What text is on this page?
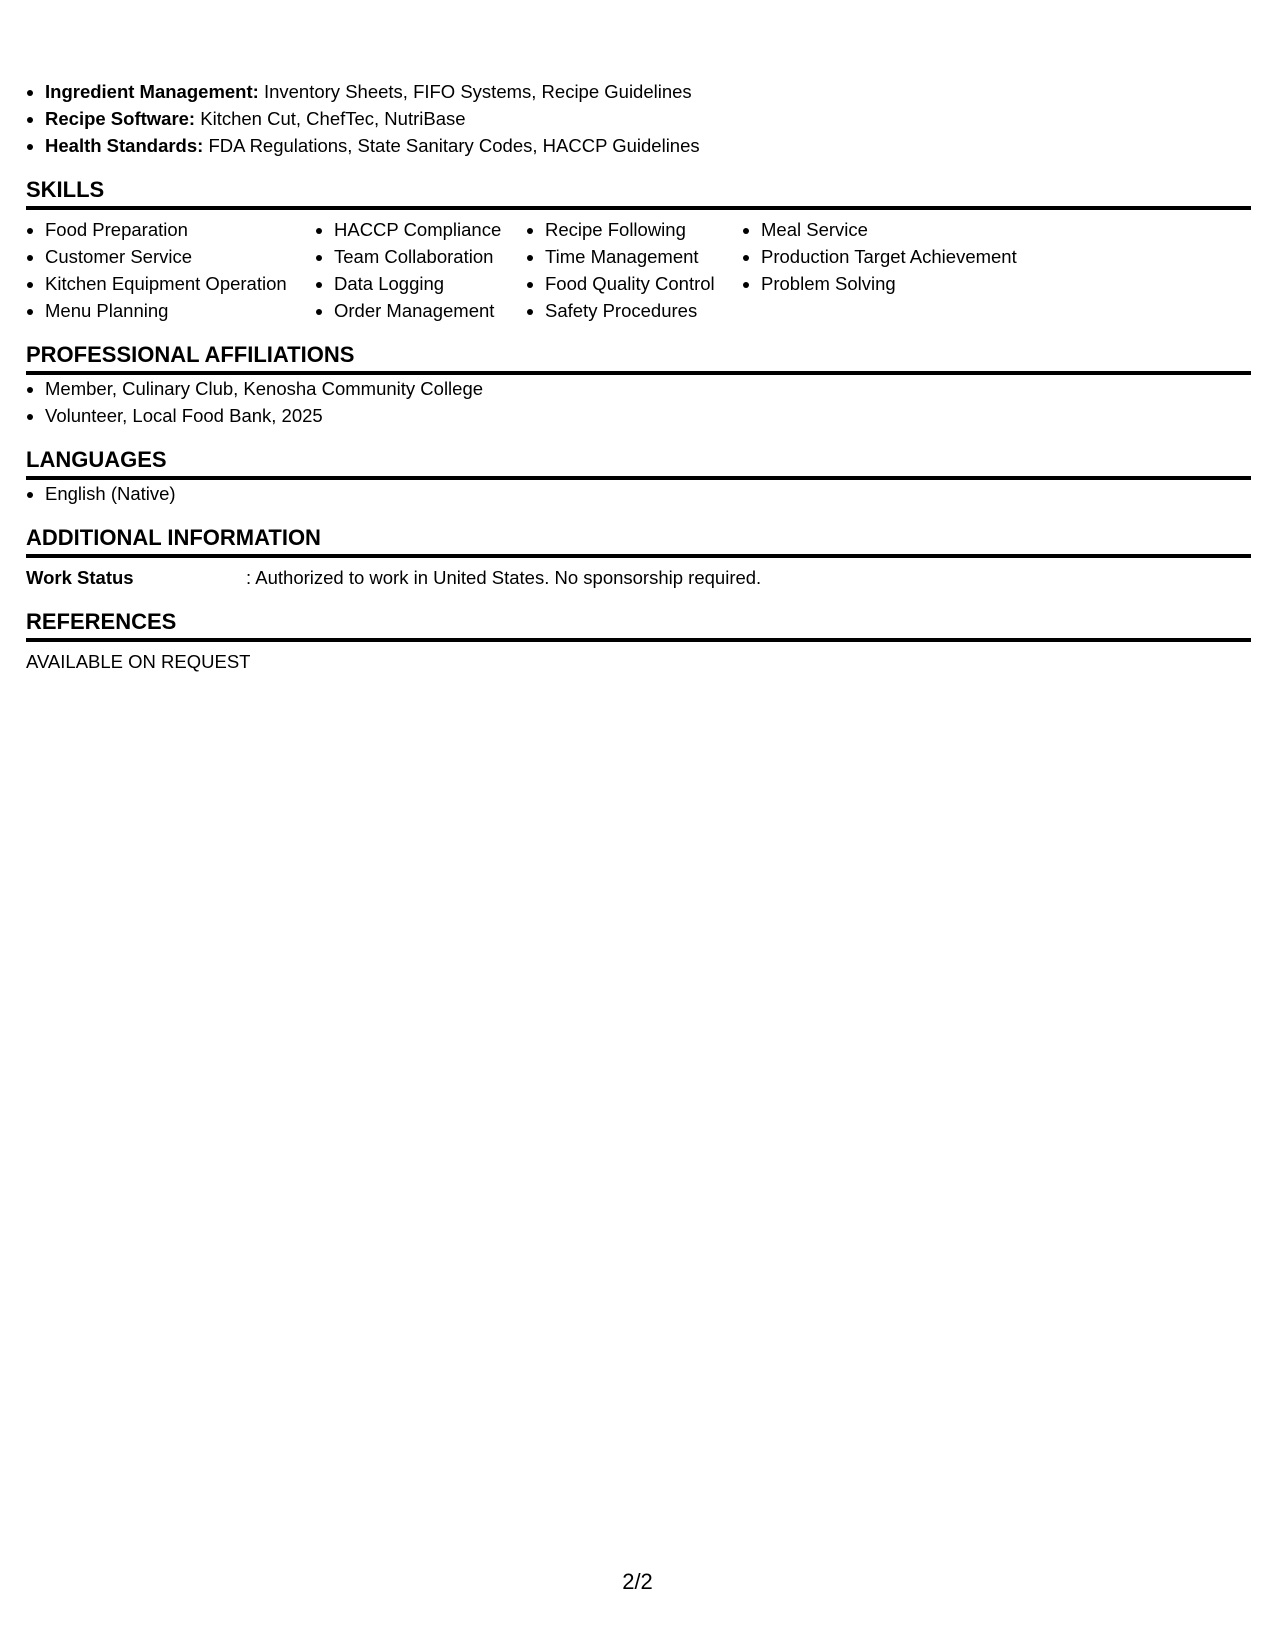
• Ingredient Management: Inventory Sheets, FIFO Systems, Recipe Guidelines
• Recipe Software: Kitchen Cut, ChefTec, NutriBase
• Health Standards: FDA Regulations, State Sanitary Codes, HACCP Guidelines
SKILLS
• Food Preparation
• Customer Service
• Kitchen Equipment Operation
• Menu Planning
• HACCP Compliance
• Team Collaboration
• Data Logging
• Order Management
• Recipe Following
• Time Management
• Food Quality Control
• Safety Procedures
• Meal Service
• Production Target Achievement
• Problem Solving
PROFESSIONAL AFFILIATIONS
• Member, Culinary Club, Kenosha Community College
• Volunteer, Local Food Bank, 2025
LANGUAGES
• English (Native)
ADDITIONAL INFORMATION
Work Status	: Authorized to work in United States. No sponsorship required.
REFERENCES
AVAILABLE ON REQUEST
2/2
